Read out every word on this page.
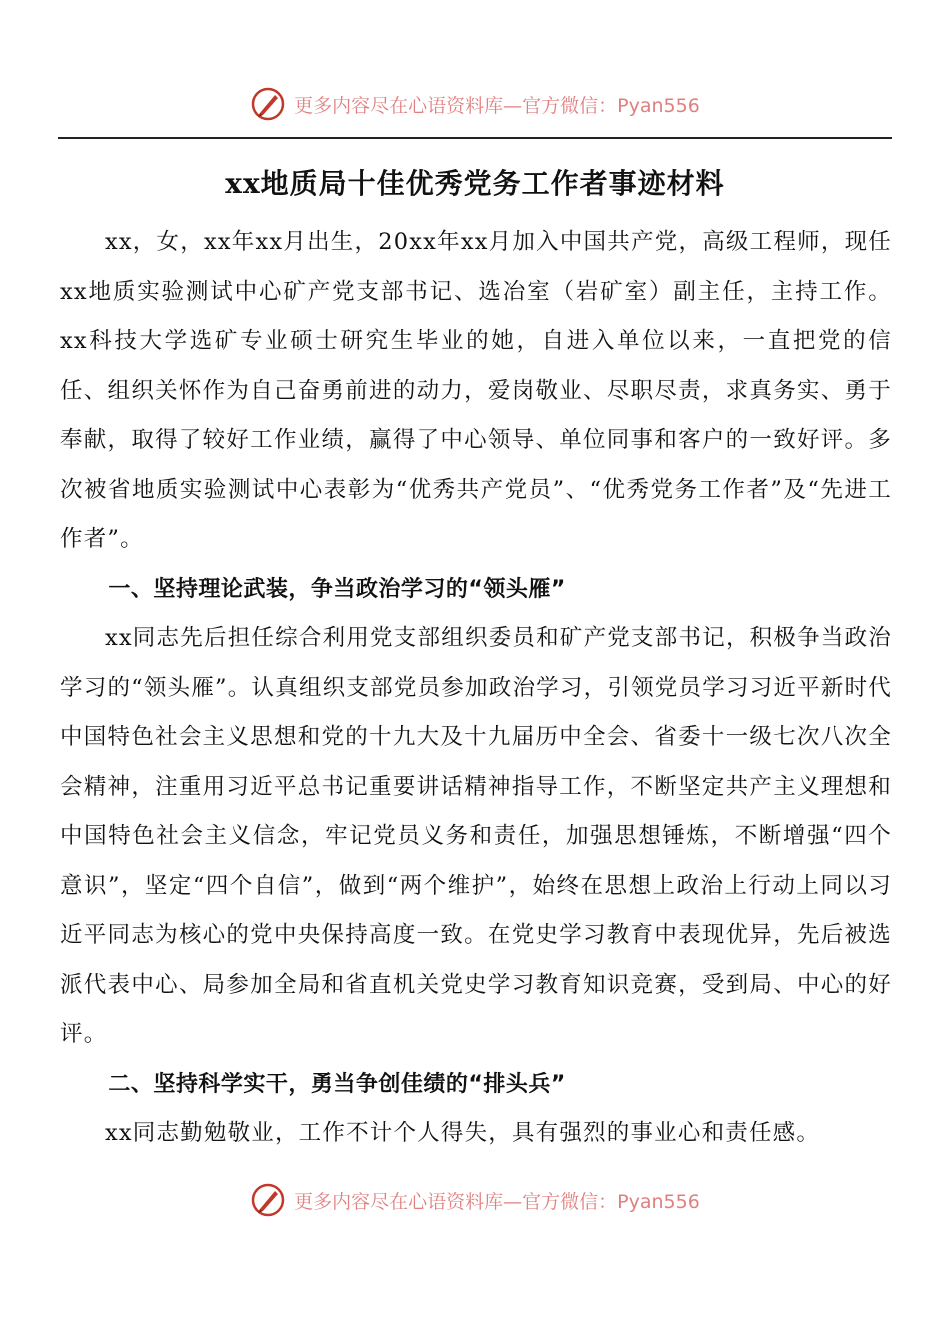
更多内容尽在心语资料库—官方微信：Pyan556
xx地质局十佳优秀党务工作者事迹材料

xx，女，xx年xx月出生，20xx年xx月加入中国共产党，高级工程师，现任xx地质实验测试中心矿产党支部书记、选冶室（岩矿室）副主任，主持工作。xx科技大学选矿专业硕士研究生毕业的她，自进入单位以来，一直把党的信任、组织关怀作为自己奋勇前进的动力，爱岗敬业、尽职尽责，求真务实、勇于奉献，取得了较好工作业绩，赢得了中心领导、单位同事和客户的一致好评。多次被省地质实验测试中心表彰为“优秀共产党员”、“优秀党务工作者”及“先进工作者”。

一、坚持理论武装，争当政治学习的“领头雁”

xx同志先后担任综合利用党支部组织委员和矿产党支部书记，积极争当政治学习的“领头雁”。认真组织支部党员参加政治学习，引领党员学习习近平新时代中国特色社会主义思想和党的十九大及十九届历中全会、省委十一级七次八次全会精神，注重用习近平总书记重要讲话精神指导工作，不断坚定共产主义理想和中国特色社会主义信念，牢记党员义务和责任，加强思想锤炼，不断增强“四个意识”，坚定“四个自信”，做到“两个维护”，始终在思想上政治上行动上同以习近平同志为核心的党中央保持高度一致。在党史学习教育中表现优异，先后被选派代表中心、局参加全局和省直机关党史学习教育知识竞赛，受到局、中心的好评。

二、坚持科学实干，勇当争创佳绩的“排头兵”

xx同志勤勉敬业，工作不计个人得失，具有强烈的事业心和责任感。

更多内容尽在心语资料库—官方微信：Pyan556
